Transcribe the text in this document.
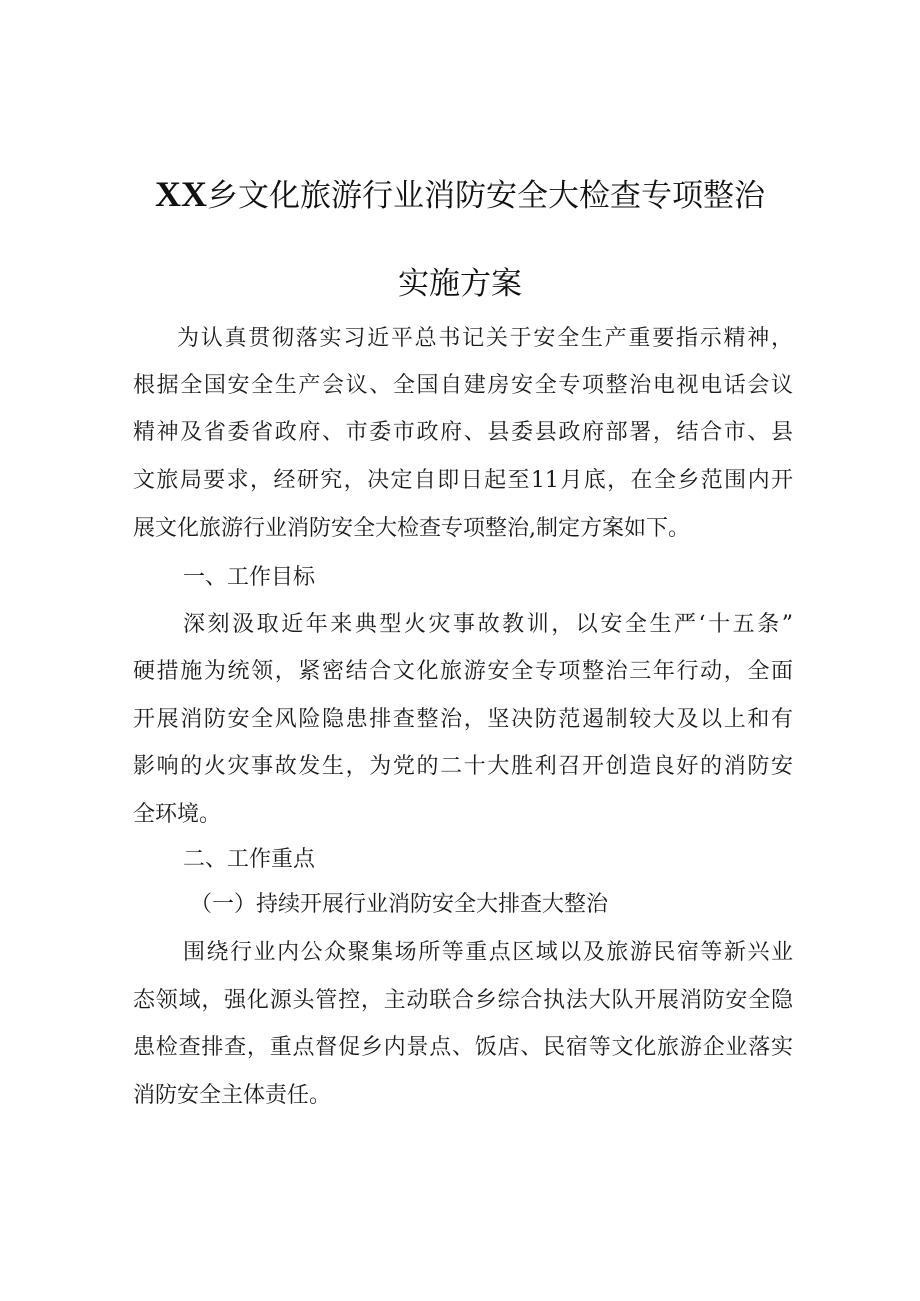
XX乡文化旅游行业消防安全大检查专项整治
实施方案
为认真贯彻落实习近平总书记关于安全生产重要指示精神，
根据全国安全生产会议、全国自建房安全专项整治电视电话会议
精神及省委省政府、市委市政府、县委县政府部署，结合市、县
文旅局要求，经研究，决定自即日起至11月底，在全乡范围内开
展文化旅游行业消防安全大检查专项整治,制定方案如下。
一、工作目标
深刻汲取近年来典型火灾事故教训，以安全生严‘十五条”
硬措施为统领，紧密结合文化旅游安全专项整治三年行动，全面
开展消防安全风险隐患排查整治，坚决防范遏制较大及以上和有
影响的火灾事故发生，为党的二十大胜利召开创造良好的消防安
全环境。
二、工作重点
（一）持续开展行业消防安全大排查大整治
围绕行业内公众聚集场所等重点区域以及旅游民宿等新兴业
态领域，强化源头管控，主动联合乡综合执法大队开展消防安全隐
患检查排查，重点督促乡内景点、饭店、民宿等文化旅游企业落实
消防安全主体责任。
